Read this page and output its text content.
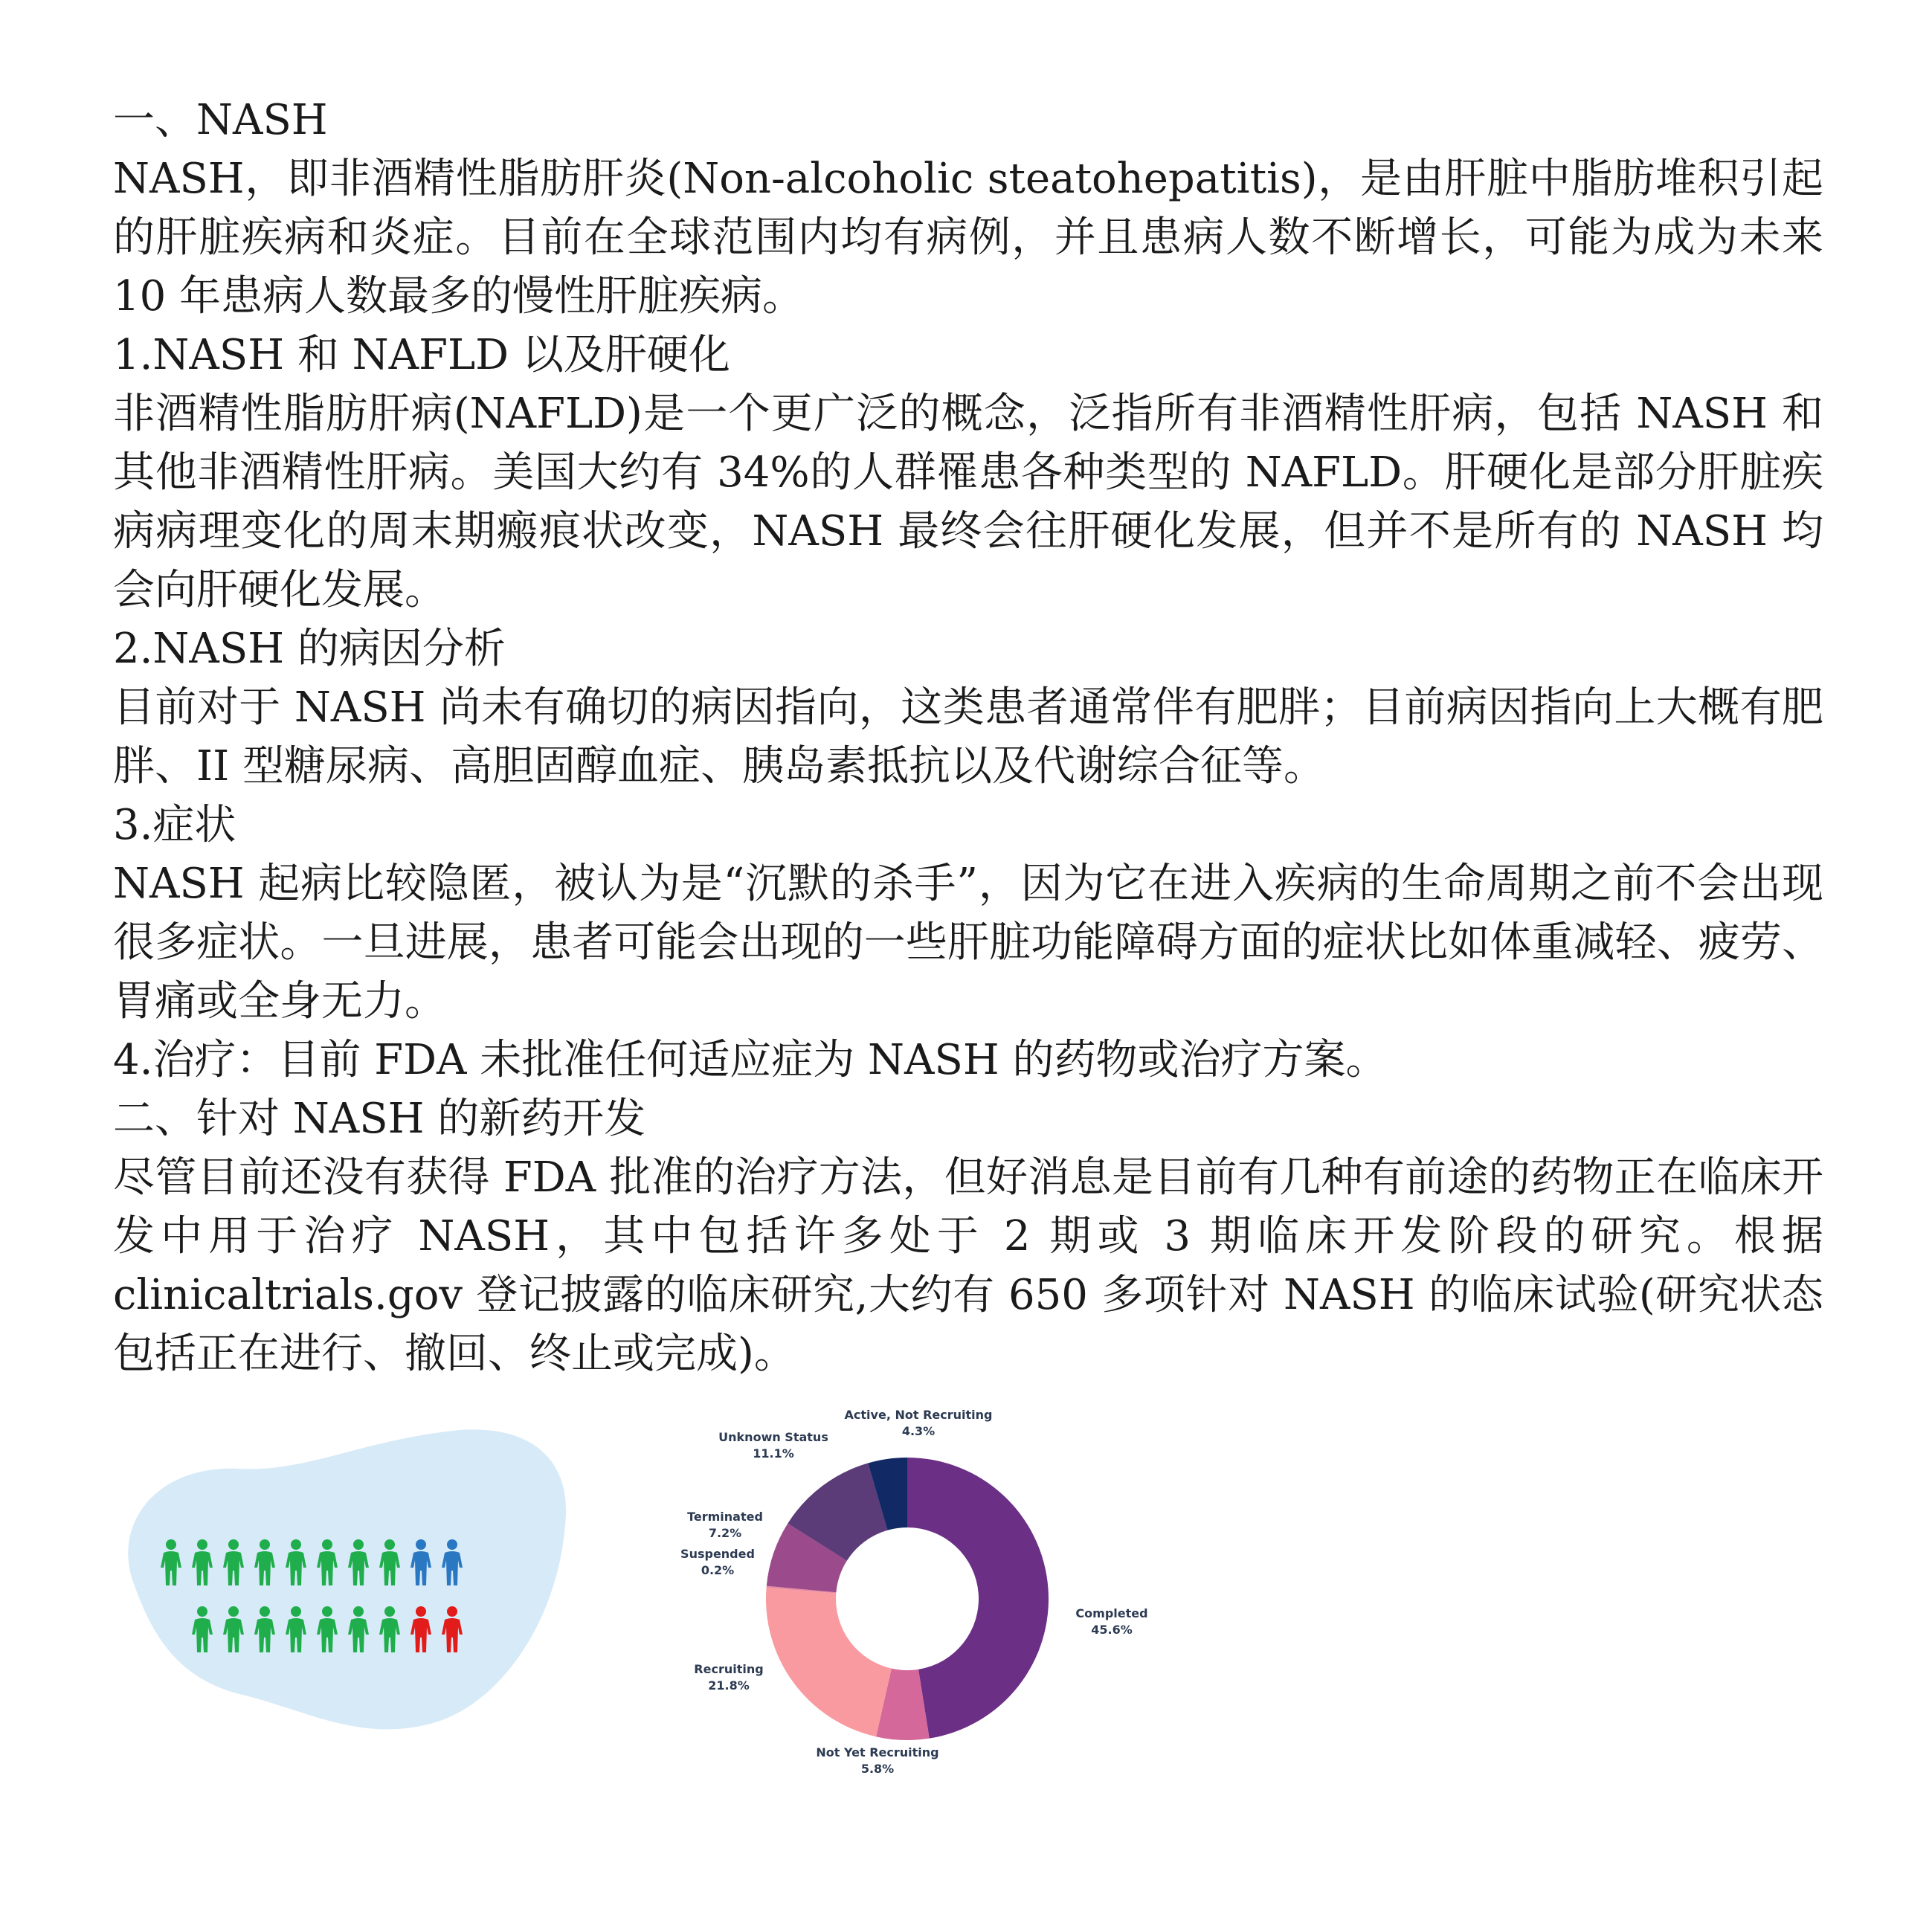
一、NASH

NASH，即非酒精性脂肪肝炎(Non-alcoholic steatohepatitis)，是由肝脏中脂肪堆积引起的肝脏疾病和炎症。目前在全球范围内均有病例，并且患病人数不断增长，可能为成为未来 10 年患病人数最多的慢性肝脏疾病。

1.NASH 和 NAFLD 以及肝硬化

非酒精性脂肪肝病(NAFLD)是一个更广泛的概念，泛指所有非酒精性肝病，包括 NASH 和其他非酒精性肝病。美国大约有 34%的人群罹患各种类型的 NAFLD。肝硬化是部分肝脏疾病病理变化的周末期瘢痕状改变，NASH 最终会往肝硬化发展，但并不是所有的 NASH 均会向肝硬化发展。

2.NASH 的病因分析

目前对于 NASH 尚未有确切的病因指向，这类患者通常伴有肥胖；目前病因指向上大概有肥胖、II 型糖尿病、高胆固醇血症、胰岛素抵抗以及代谢综合征等。

3.症状

NASH 起病比较隐匿，被认为是“沉默的杀手”，因为它在进入疾病的生命周期之前不会出现很多症状。一旦进展，患者可能会出现的一些肝脏功能障碍方面的症状比如体重减轻、疲劳、胃痛或全身无力。

4.治疗：目前 FDA 未批准任何适应症为 NASH 的药物或治疗方案。
二、针对 NASH 的新药开发

尽管目前还没有获得 FDA 批准的治疗方法，但好消息是目前有几种有前途的药物正在临床开发中用于治疗 NASH，其中包括许多处于 2 期或 3 期临床开发阶段的研究。根据clinicaltrials.gov 登记披露的临床研究,大约有 650 多项针对 NASH 的临床试验(研究状态包括正在进行、撤回、终止或完成)。

Completed
45.6%
Not Yet Recruiting
5.8%
Recruiting
21.8%
Suspended
0.2%
Terminated
7.2%
Unknown Status
11.1%
Active, Not Recruiting
4.3%
